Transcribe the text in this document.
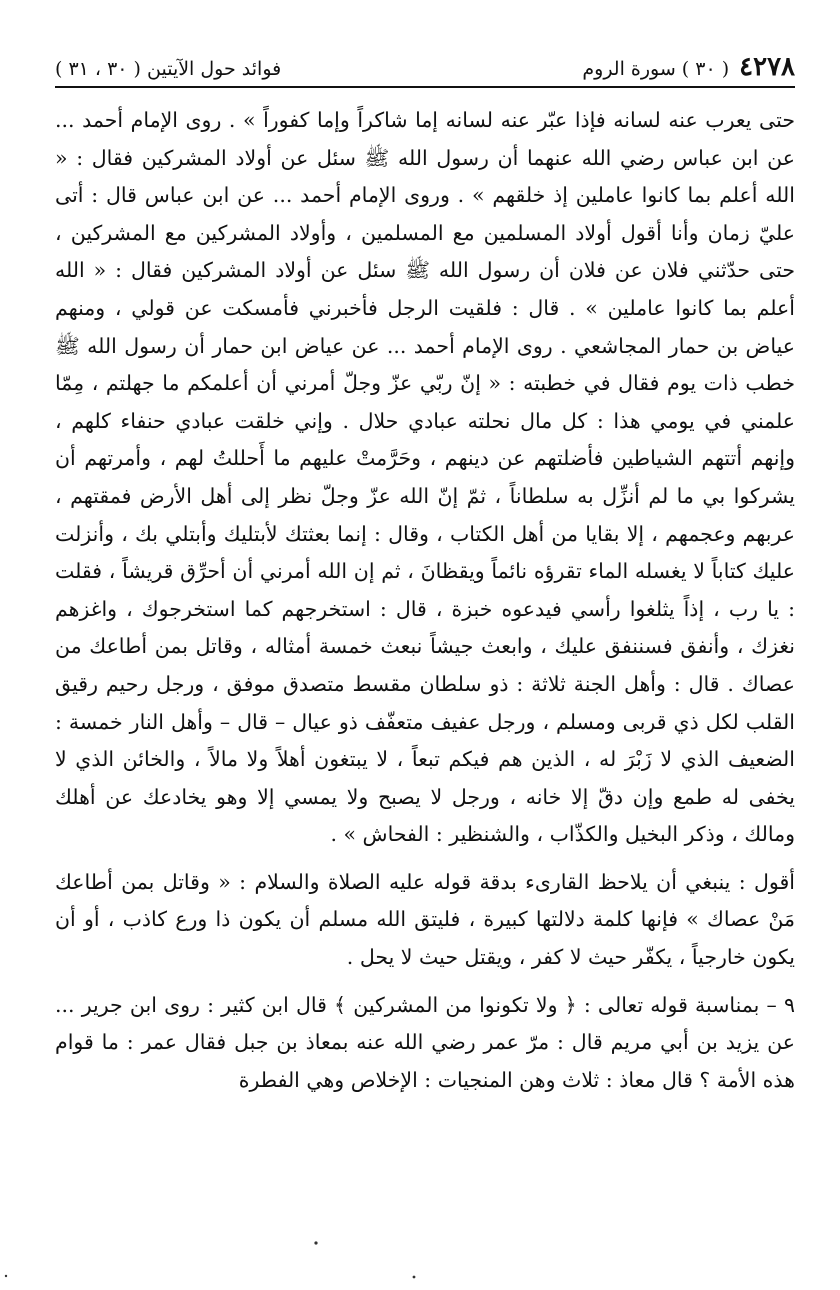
٤٢٧٨
( ٣٠ ) سورة الروم
فوائد حول الآيتين ( ٣٠ ، ٣١ )

حتى يعرب عنه لسانه فإذا عبّر عنه لسانه إما شاكراً وإما كفوراً » . روى الإمام أحمد ... عن ابن عباس رضي الله عنهما أن رسول الله ﷺ سئل عن أولاد المشركين فقال : « الله أعلم بما كانوا عاملين إذ خلقهم » . وروى الإمام أحمد ... عن ابن عباس قال : أتى عليّ زمان وأنا أقول أولاد المسلمين مع المسلمين ، وأولاد المشركين مع المشركين ، حتى حدّثني فلان عن فلان أن رسول الله ﷺ سئل عن أولاد المشركين فقال : « الله أعلم بما كانوا عاملين » . قال : فلقيت الرجل فأخبرني فأمسكت عن قولي ، ومنهم عياض بن حمار المجاشعي . روى الإمام أحمد ... عن عياض ابن حمار أن رسول الله ﷺ خطب ذات يوم فقال في خطبته : « إنّ ربّي عزّ وجلّ أمرني أن أعلمكم ما جهلتم ، مِمّا علمني في يومي هذا : كل مال نحلته عبادي حلال . وإني خلقت عبادي حنفاء كلهم ، وإنهم أتتهم الشياطين فأضلتهم عن دينهم ، وحَرَّمتْ عليهم ما أَحللتُ لهم ، وأمرتهم أن يشركوا بي ما لم أنزِّل به سلطاناً ، ثمّ إنّ الله عزّ وجلّ نظر إلى أهل الأرض فمقتهم ، عربهم وعجمهم ، إلا بقايا من أهل الكتاب ، وقال : إنما بعثتك لأبتليك وأبتلي بك ، وأنزلت عليك كتاباً لا يغسله الماء تقرؤه نائماً ويقظانَ ، ثم إن الله أمرني أن أحرِّق قريشاً ، فقلت : يا رب ، إذاً يثلغوا رأسي فيدعوه خبزة ، قال : استخرجهم كما استخرجوك ، واغزهم نغزك ، وأنفق فسننفق عليك ، وابعث جيشاً نبعث خمسة أمثاله ، وقاتل بمن أطاعك من عصاك . قال : وأهل الجنة ثلاثة : ذو سلطان مقسط متصدق موفق ، ورجل رحيم رقيق القلب لكل ذي قربى ومسلم ، ورجل عفيف متعفّف ذو عيال – قال – وأهل النار خمسة : الضعيف الذي لا زَبْرَ له ، الذين هم فيكم تبعاً ، لا يبتغون أهلاً ولا مالاً ، والخائن الذي لا يخفى له طمع وإن دقّ إلا خانه ، ورجل لا يصبح ولا يمسي إلا وهو يخادعك عن أهلك ومالك ، وذكر البخيل والكذّاب ، والشنظير : الفحاش » .

أقول : ينبغي أن يلاحظ القارىء بدقة قوله عليه الصلاة والسلام : « وقاتل بمن أطاعك مَنْ عصاك » فإنها كلمة دلالتها كبيرة ، فليتق الله مسلم أن يكون ذا ورع كاذب ، أو أن يكون خارجياً ، يكفّر حيث لا كفر ، ويقتل حيث لا يحل .

٩ – بمناسبة قوله تعالى : ﴿ ولا تكونوا من المشركين ﴾ قال ابن كثير : روى ابن جرير ... عن يزيد بن أبي مريم قال : مرّ عمر رضي الله عنه بمعاذ بن جبل فقال عمر : ما قوام هذه الأمة ؟ قال معاذ : ثلاث وهن المنجيات : الإخلاص وهي الفطرة
